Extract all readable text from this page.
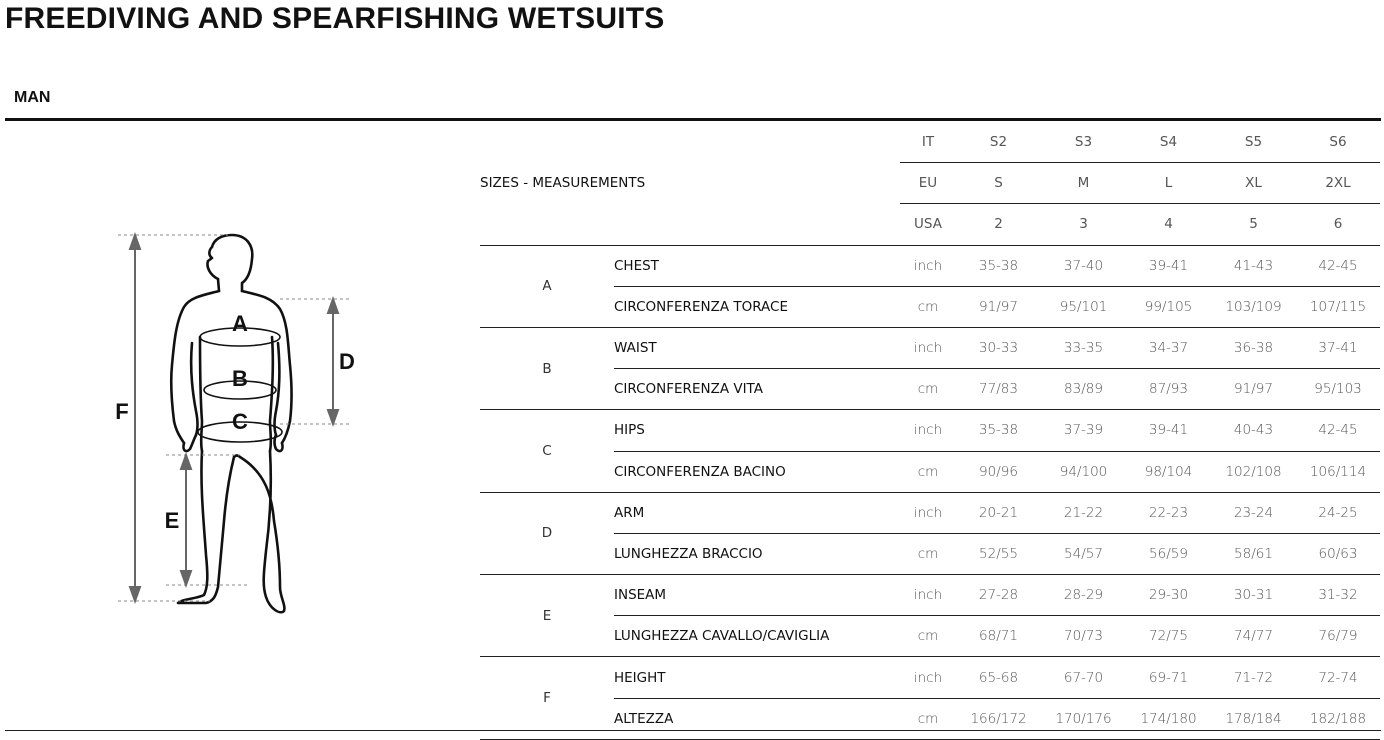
FREEDIVING AND SPEARFISHING WETSUITS
MAN
A
B
C
D
E
F
SIZES - MEASUREMENTS		IT	S2	S3	S4	S5	S6
		EU	S	M	L	XL	2XL
		USA	2	3	4	5	6
A	CHEST	inch	35-38	37-40	39-41	41-43	42-45
	CIRCONFERENZA TORACE	cm	91/97	95/101	99/105	103/109	107/115
B	WAIST	inch	30-33	33-35	34-37	36-38	37-41
	CIRCONFERENZA VITA	cm	77/83	83/89	87/93	91/97	95/103
C	HIPS	inch	35-38	37-39	39-41	40-43	42-45
	CIRCONFERENZA BACINO	cm	90/96	94/100	98/104	102/108	106/114
D	ARM	inch	20-21	21-22	22-23	23-24	24-25
	LUNGHEZZA BRACCIO	cm	52/55	54/57	56/59	58/61	60/63
E	INSEAM	inch	27-28	28-29	29-30	30-31	31-32
	LUNGHEZZA CAVALLO/CAVIGLIA	cm	68/71	70/73	72/75	74/77	76/79
F	HEIGHT	inch	65-68	67-70	69-71	71-72	72-74
	ALTEZZA	cm	166/172	170/176	174/180	178/184	182/188
